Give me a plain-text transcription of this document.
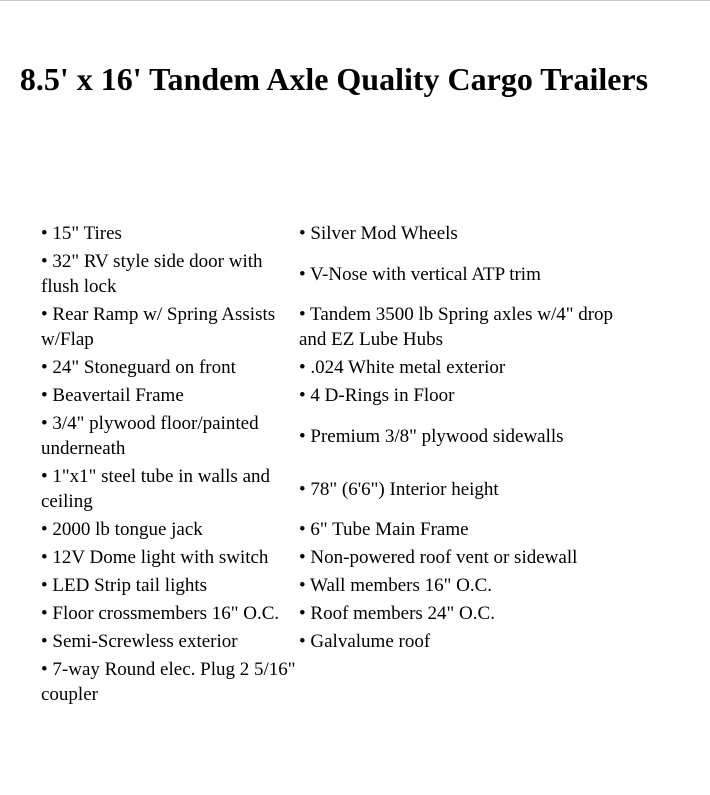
8.5' x 16' Tandem Axle Quality Cargo Trailers
• 15" Tires	• Silver Mod Wheels
• 32" RV style side door with flush lock	• V-Nose with vertical ATP trim
• Rear Ramp w/ Spring Assists w/Flap	• Tandem 3500 lb Spring axles w/4" drop and EZ Lube Hubs
• 24" Stoneguard on front	• .024 White metal exterior
• Beavertail Frame	• 4 D-Rings in Floor
• 3/4" plywood floor/painted underneath	• Premium 3/8" plywood sidewalls
• 1"x1" steel tube in walls and ceiling	• 78" (6'6") Interior height
• 2000 lb tongue jack	• 6" Tube Main Frame
• 12V Dome light with switch	• Non-powered roof vent or sidewall
• LED Strip tail lights	• Wall members 16" O.C.
• Floor crossmembers 16" O.C.	• Roof members 24" O.C.
• Semi-Screwless exterior	• Galvalume roof
• 7-way Round elec. Plug 2 5/16" coupler	
